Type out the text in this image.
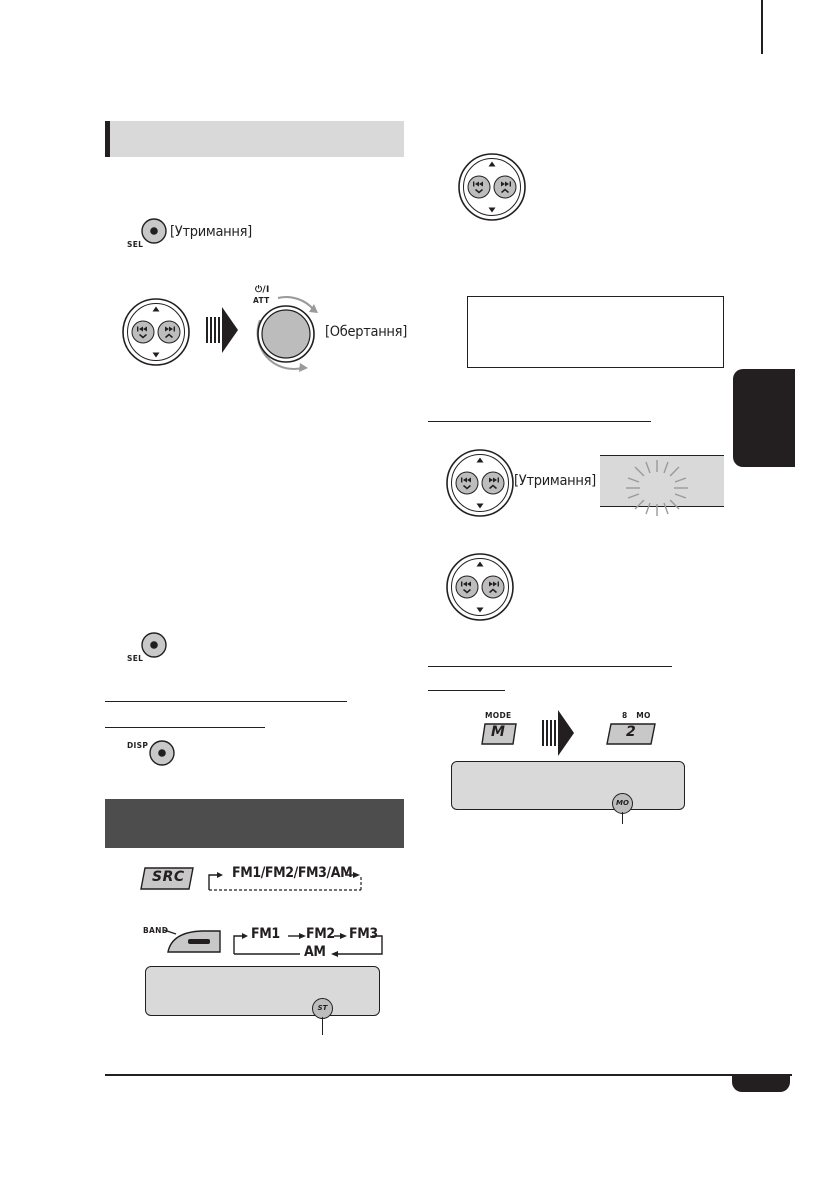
SEL
[Утримання]
⏻/I
ATT
[Обертання]
SEL
DISP
SRC	FM1/FM2/FM3/AM
BAND	FM1 FM2 FM3
AM
ST
[Утримання]
MODE
M
8   MO
2
MO
